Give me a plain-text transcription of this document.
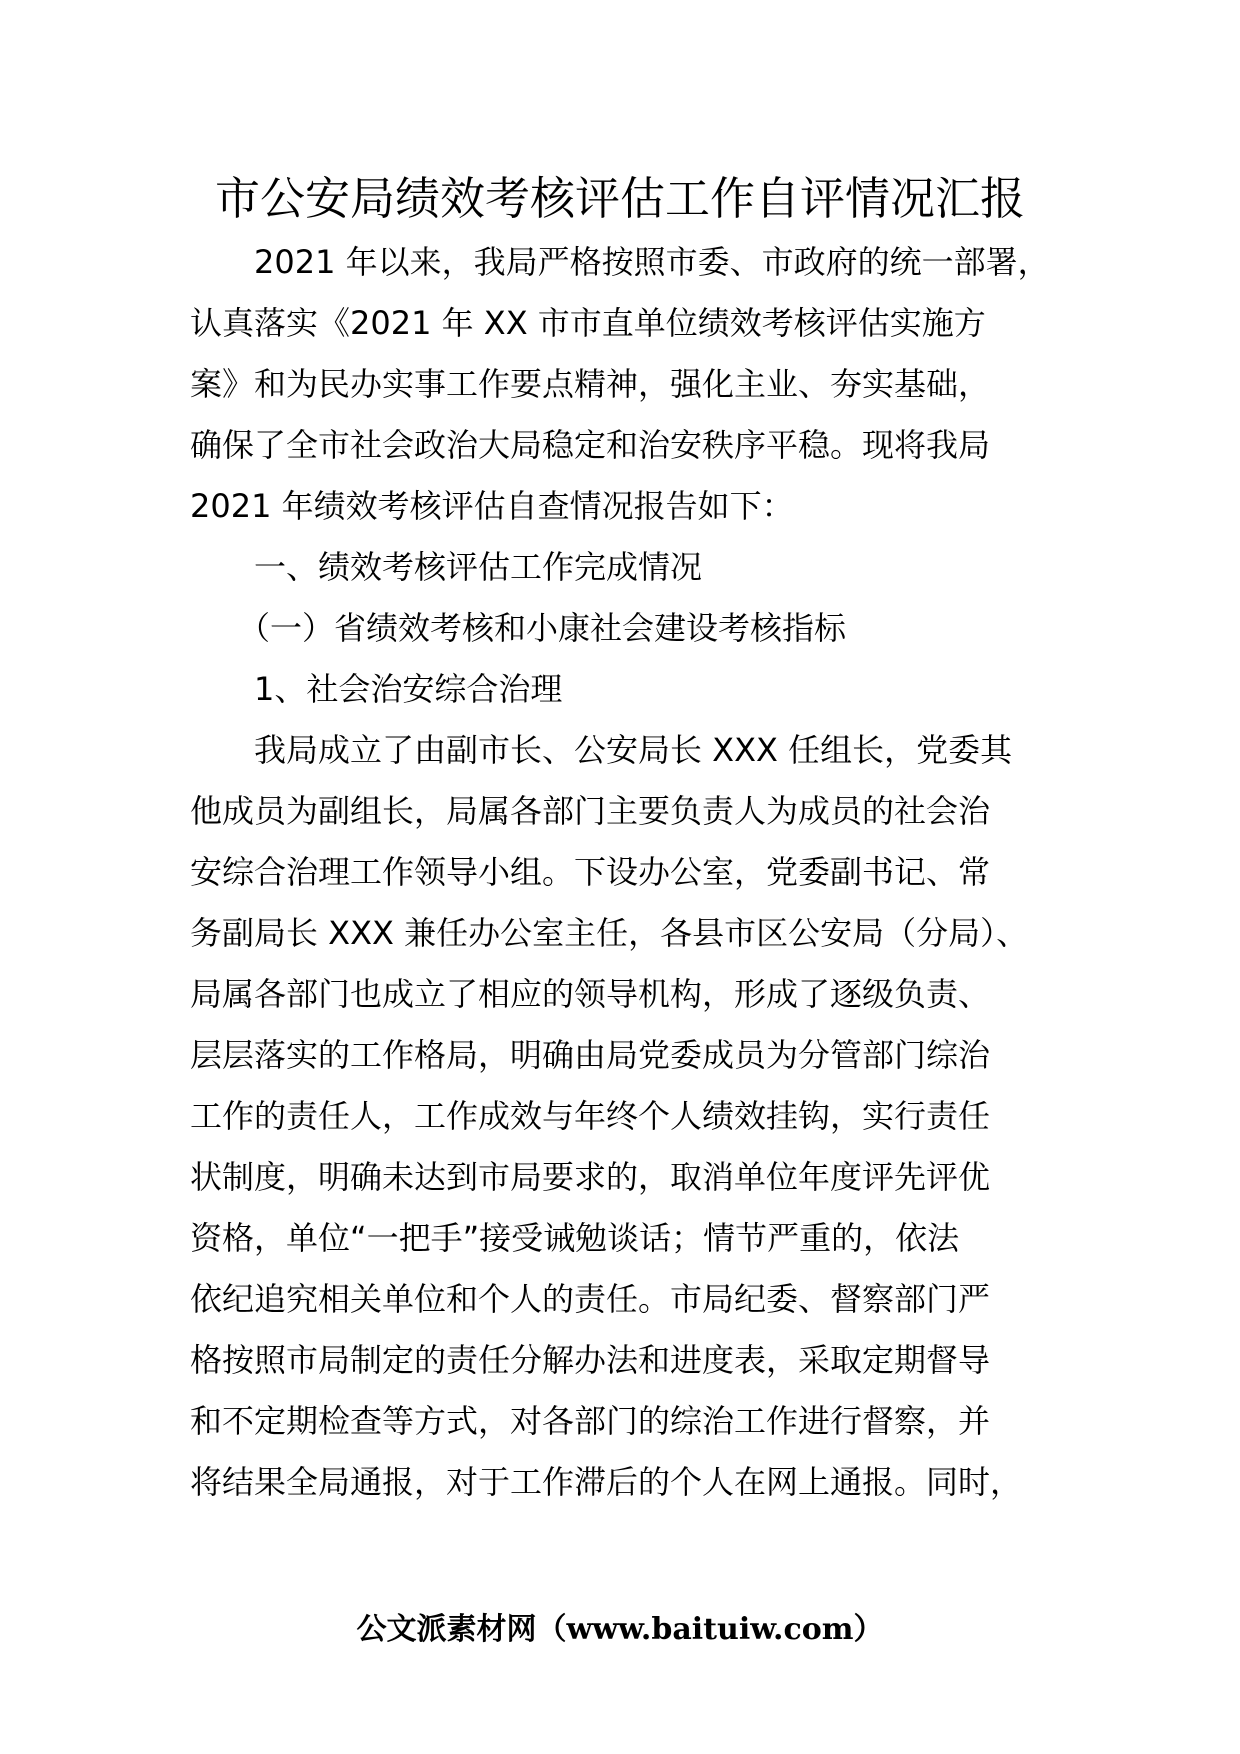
市公安局绩效考核评估工作自评情况汇报
　　2021 年以来，我局严格按照市委、市政府的统一部署，
认真落实《2021 年 XX 市市直单位绩效考核评估实施方
案》和为民办实事工作要点精神，强化主业、夯实基础，
确保了全市社会政治大局稳定和治安秩序平稳。现将我局
2021 年绩效考核评估自查情况报告如下：
　　一、绩效考核评估工作完成情况
　　（一）省绩效考核和小康社会建设考核指标
　　1、社会治安综合治理
　　我局成立了由副市长、公安局长 XXX 任组长，党委其
他成员为副组长，局属各部门主要负责人为成员的社会治
安综合治理工作领导小组。下设办公室，党委副书记、常
务副局长 XXX 兼任办公室主任，各县市区公安局（分局）、
局属各部门也成立了相应的领导机构，形成了逐级负责、
层层落实的工作格局，明确由局党委成员为分管部门综治
工作的责任人，工作成效与年终个人绩效挂钩，实行责任
状制度，明确未达到市局要求的，取消单位年度评先评优
资格，单位“一把手”接受诫勉谈话；情节严重的，依法
依纪追究相关单位和个人的责任。市局纪委、督察部门严
格按照市局制定的责任分解办法和进度表，采取定期督导
和不定期检查等方式，对各部门的综治工作进行督察，并
将结果全局通报，对于工作滞后的个人在网上通报。同时，
公文派素材网（www.baituiw.com）
